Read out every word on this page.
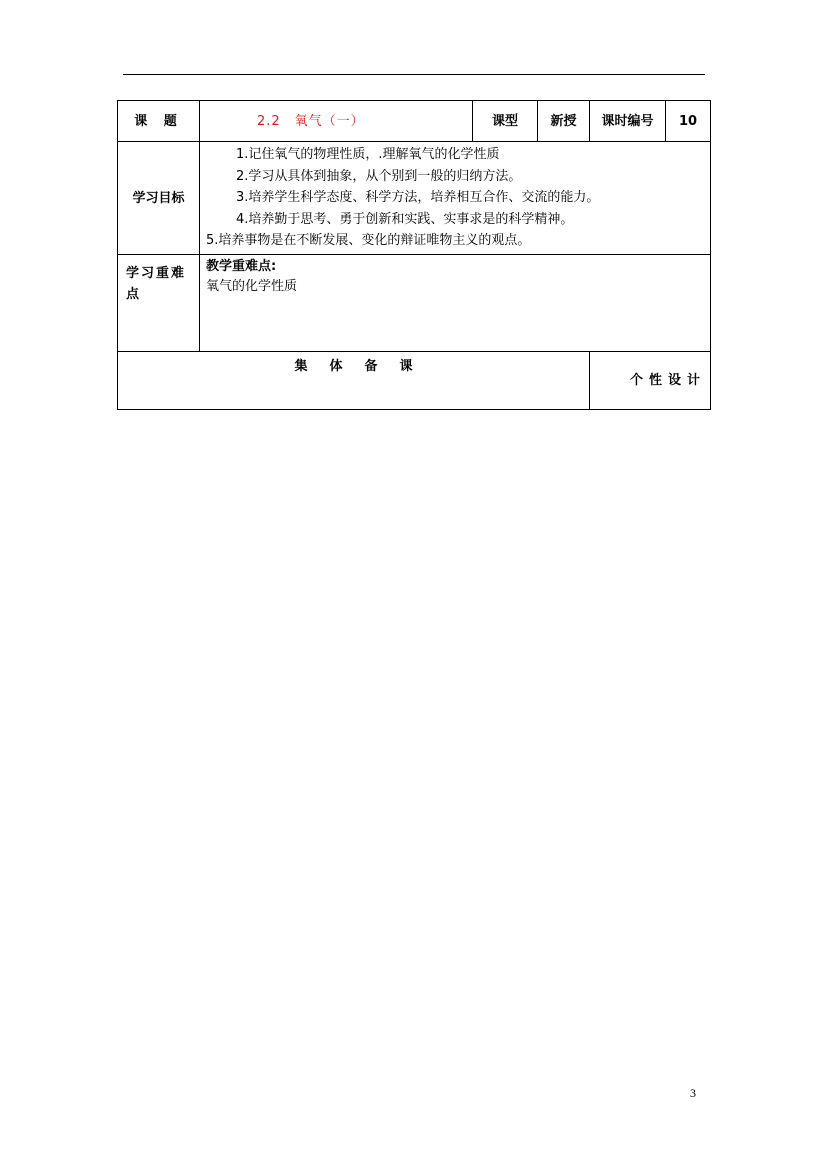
课 题	2.2　氧气（一）	课型	新授	课时编号	10
学习目标	1.记住氧气的物理性质，.理解氧气的化学性质
2.学习从具体到抽象，从个别到一般的归纳方法。
3.培养学生科学态度、科学方法，培养相互合作、交流的能力。
4.培养勤于思考、勇于创新和实践、实事求是的科学精神。
5.培养事物是在不断发展、变化的辩证唯物主义的观点。				

学习重难点	教学重难点:
氧气的化学性质				

集体备课				个性设计	
3
